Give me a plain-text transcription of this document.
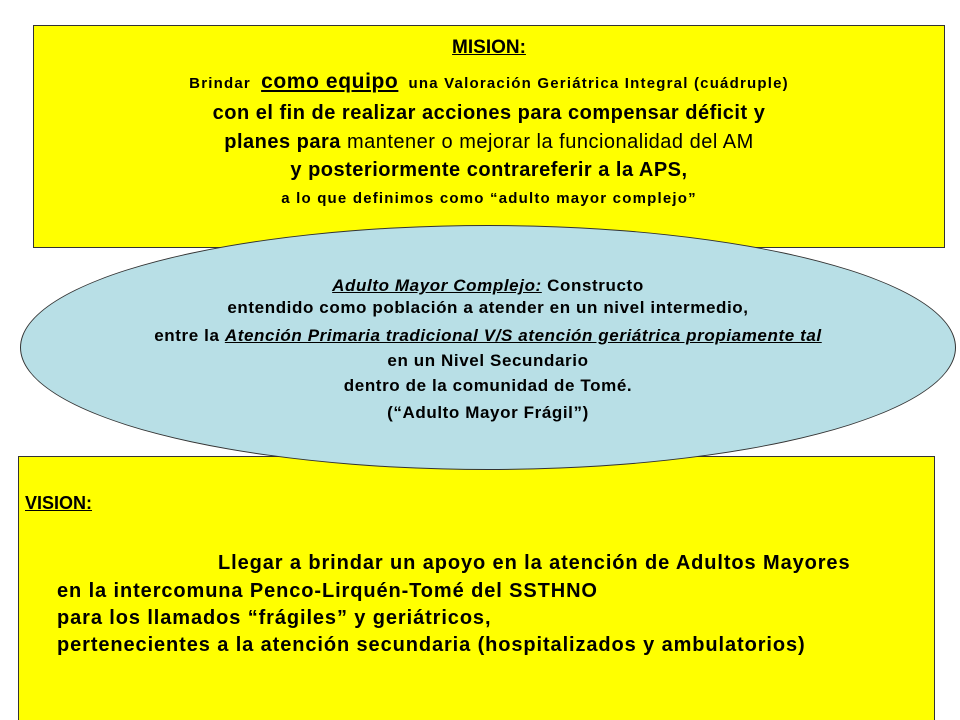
MISION:
Brindar como equipo una Valoración Geriátrica Integral (cuádruple)
con el fin de realizar acciones para compensar déficit y
planes para mantener o mejorar la funcionalidad del AM
y posteriormente contrareferir a la APS,
a lo que definimos como “adulto mayor complejo”
VISION:
Llegar a brindar un apoyo en la atención de Adultos Mayores
en la intercomuna Penco-Lirquén-Tomé del SSTHNO
para los llamados “frágiles” y geriátricos,
pertenecientes a la atención secundaria (hospitalizados y ambulatorios)
Adulto Mayor Complejo: Constructo
entendido como población a atender en un nivel intermedio,
entre la Atención Primaria tradicional V/S atención geriátrica propiamente tal
en un Nivel Secundario
dentro de la comunidad de Tomé.
(“Adulto Mayor Frágil”)
